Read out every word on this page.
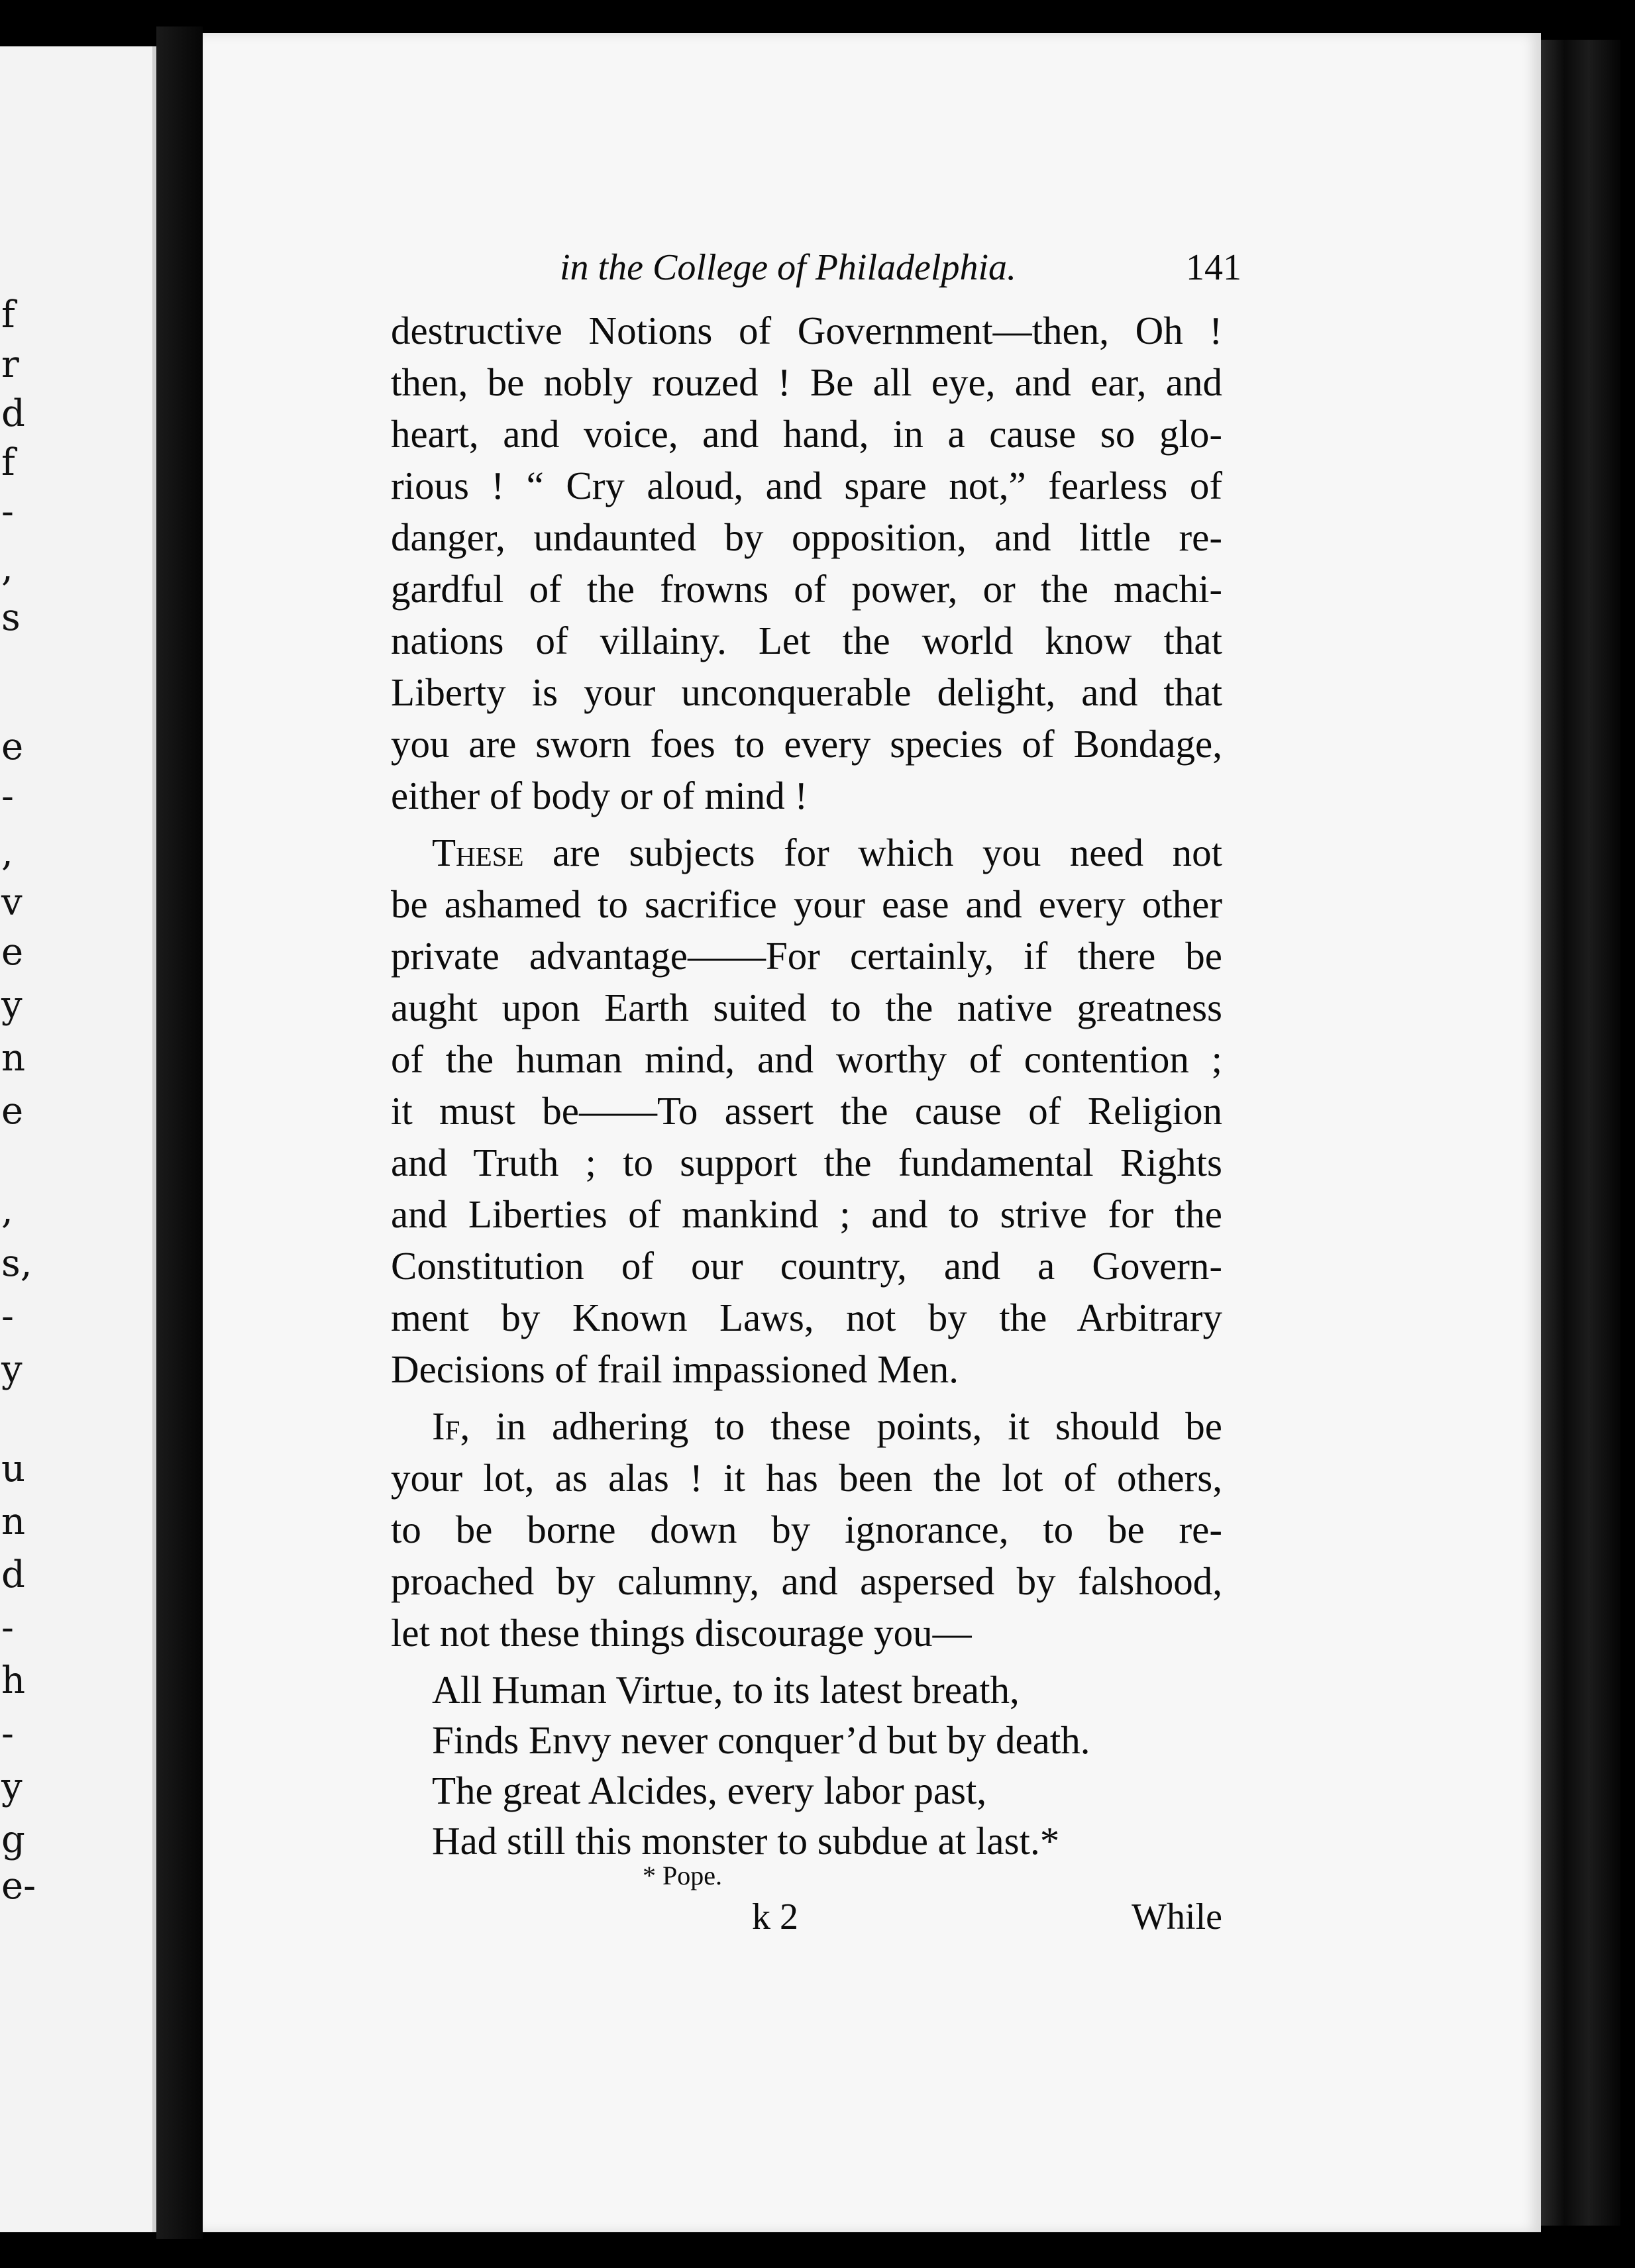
f
r
d
f
-
,
s
e
-
,
v
e
y
n
e
,
s,
-
y
u
n
d
-
h
-
y
g
e-
in the College of Philadelphia.	141
destructive Notions of Government—then, Oh !
then, be nobly rouzed ! Be all eye, and ear, and
heart, and voice, and hand, in a cause so glo-
rious ! “ Cry aloud, and spare not,” fearless of
danger, undaunted by opposition, and little re-
gardful of the frowns of power, or the machi-
nations of villainy. Let the world know that
Liberty is your unconquerable delight, and that
you are sworn foes to every species of Bondage,
either of body or of mind !
These are subjects for which you need not
be ashamed to sacrifice your ease and every other
private advantage——For certainly, if there be
aught upon Earth suited to the native greatness
of the human mind, and worthy of contention ;
it must be——To assert the cause of Religion
and Truth ; to support the fundamental Rights
and Liberties of mankind ; and to strive for the
Constitution of our country, and a Govern-
ment by Known Laws, not by the Arbitrary
Decisions of frail impassioned Men.
If, in adhering to these points, it should be
your lot, as alas ! it has been the lot of others,
to be borne down by ignorance, to be re-
proached by calumny, and aspersed by falshood,
let not these things discourage you—
All Human Virtue, to its latest breath,
Finds Envy never conquer’d but by death.
The great Alcides, every labor past,
Had still this monster to subdue at last.*
* Pope.
k 2	While
